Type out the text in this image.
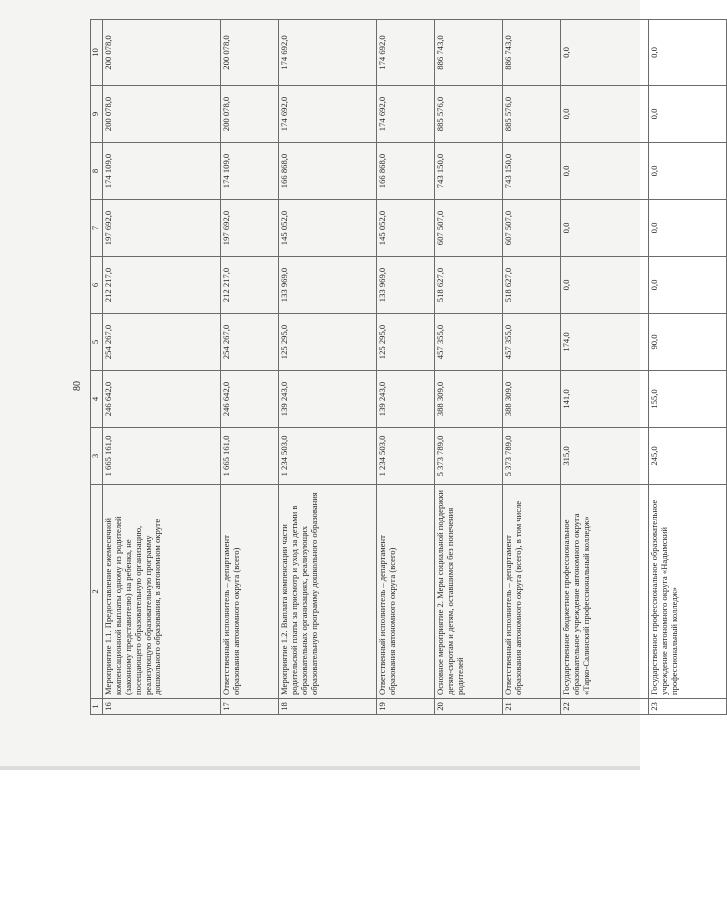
80
1	2	3	4	5	6	7	8	9	10
16	Мероприятие 1.1. Предоставление ежемесячной компенсационной выплаты одному из родителей (законному представителю) на ребенка, не посещающего образовательную организацию, реализующую образовательную программу дошкольного образования, в автономном округе	1 665 161,0	246 642,0	254 267,0	212 217,0	197 692,0	174 109,0	200 078,0	200 078,0
17	Ответственный исполнитель – департамент образования автономного округа (всего)	1 665 161,0	246 642,0	254 267,0	212 217,0	197 692,0	174 109,0	200 078,0	200 078,0
18	Мероприятие 1.2. Выплата компенсации части родительской платы за присмотр и уход за детьми в образовательных организациях, реализующих образовательную программу дошкольного образования	1 234 503,0	139 243,0	125 295,0	133 969,0	145 052,0	166 868,0	174 692,0	174 692,0
19	Ответственный исполнитель – департамент образования автономного округа (всего)	1 234 503,0	139 243,0	125 295,0	133 969,0	145 052,0	166 868,0	174 692,0	174 692,0
20	Основное мероприятие 2. Меры социальной поддержки детям-сиротам и детям, оставшимся без попечения родителей	5 373 789,0	388 309,0	457 355,0	518 627,0	607 507,0	743 150,0	885 576,0	886 743,0
21	Ответственный исполнитель – департамент образования автономного округа (всего), в том числе	5 373 789,0	388 309,0	457 355,0	518 627,0	607 507,0	743 150,0	885 576,0	886 743,0
22	Государственное бюджетное профессиональное образовательное учреждение автономного округа «Тарко-Салинский профессиональный колледж»	315,0	141,0	174,0	0,0	0,0	0,0	0,0	0,0
23	Государственное профессиональное образовательное учреждение автономного округа «Надымский профессиональный колледж»	245,0	155,0	90,0	0,0	0,0	0,0	0,0	0,0
